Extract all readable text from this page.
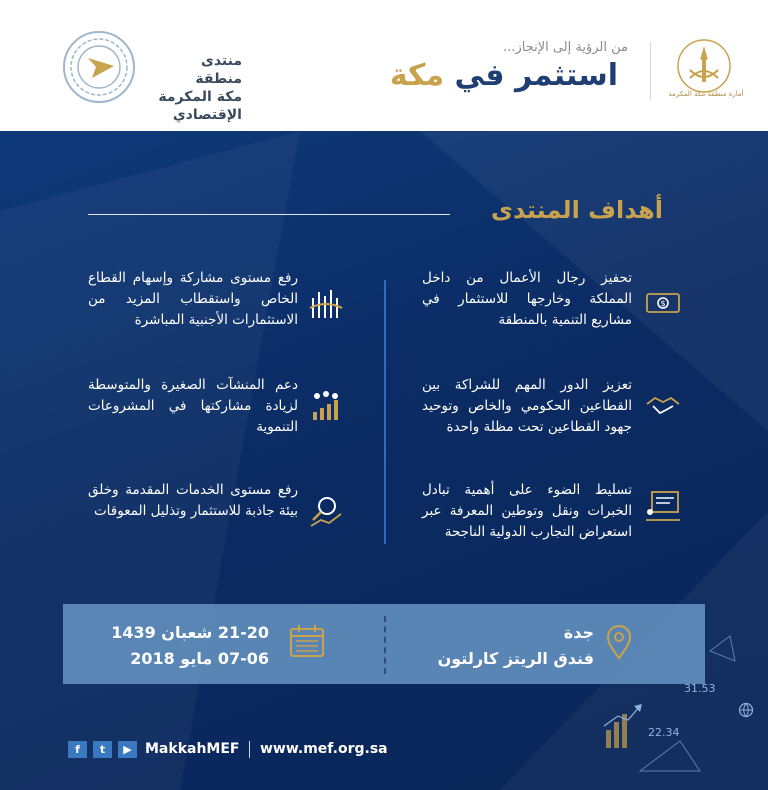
أمارة منطقة مكة المكرمة
من الرؤية إلى الإنجاز...
استثمر في مكة
منتدى منطقة
مكة المكرمة
الإقتصادي
أهداف المنتدى
$
تحفيز رجال الأعمال من داخل المملكة وخارجها للاستثمار في مشاريع التنمية بالمنطقة
تعزيز الدور المهم للشراكة بين القطاعين الحكومي والخاص وتوحيد جهود القطاعين تحت مظلة واحدة
تسليط الضوء على أهمية تبادل الخبرات ونقل وتوطين المعرفة عبر استعراض التجارب الدولية الناجحة
رفع مستوى مشاركة وإسهام القطاع الخاص واستقطاب المزيد من الاستثمارات الأجنبية المباشرة
دعم المنشآت الصغيرة والمتوسطة لزيادة مشاركتها في المشروعات التنموية
رفع مستوى الخدمات المقدمة وخلق بيئة جاذبة للاستثمار وتذليل المعوقات
جدة
فندق الريتز كارلتون
21-20 شعبان 1439
07-06 مايو 2018
31.53
22.34
f	t	▶ MakkahMEF www.mef.org.sa
